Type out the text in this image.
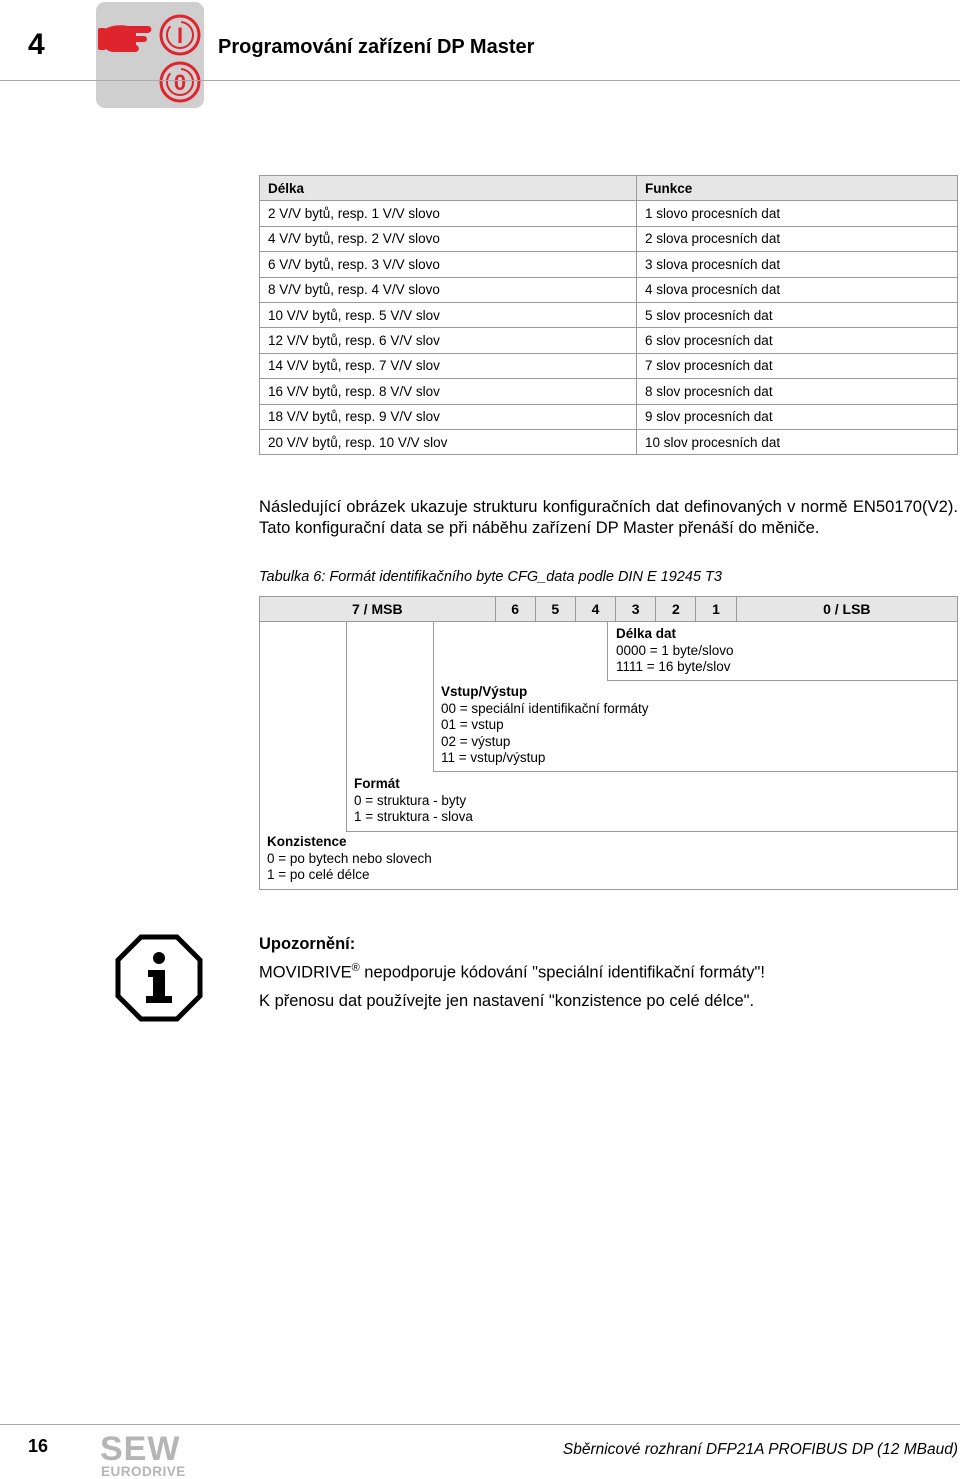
4	I
0
Programování zařízení DP Master
Délka	Funkce
2 V/V bytů, resp. 1 V/V slovo	1 slovo procesních dat
4 V/V bytů, resp. 2 V/V slovo	2 slova procesních dat
6 V/V bytů, resp. 3 V/V slovo	3 slova procesních dat
8 V/V bytů, resp. 4 V/V slovo	4 slova procesních dat
10 V/V bytů, resp. 5 V/V slov	5 slov procesních dat
12 V/V bytů, resp. 6 V/V slov	6 slov procesních dat
14 V/V bytů, resp. 7 V/V slov	7 slov procesních dat
16 V/V bytů, resp. 8 V/V slov	8 slov procesních dat
18 V/V bytů, resp. 9 V/V slov	9 slov procesních dat
20 V/V bytů, resp. 10 V/V slov	10 slov procesních dat
Následující obrázek ukazuje strukturu konfiguračních dat definovaných v normě EN50170(V2). Tato konfigurační data se při náběhu zařízení DP Master přenáší do měniče.
Tabulka 6: Formát identifikačního byte CFG_data podle DIN E 19245 T3
7 / MSB	6	5	4	3	2	1	0 / LSB
Délka dat
0000 = 1 byte/slovo
1111 = 16 byte/slov
Vstup/Výstup
00 = speciální identifikační formáty
01 = vstup
02 = výstup
11 = vstup/výstup
Formát
0 = struktura - byty
1 = struktura - slova
Konzistence
0 = po bytech nebo slovech
1 = po celé délce
Upozornění:
MOVIDRIVE® nepodporuje kódování "speciální identifikační formáty"!
K přenosu dat používejte jen nastavení "konzistence po celé délce".
16 SEW
EURODRIVE
Sběrnicové rozhraní DFP21A PROFIBUS DP (12 MBaud)
